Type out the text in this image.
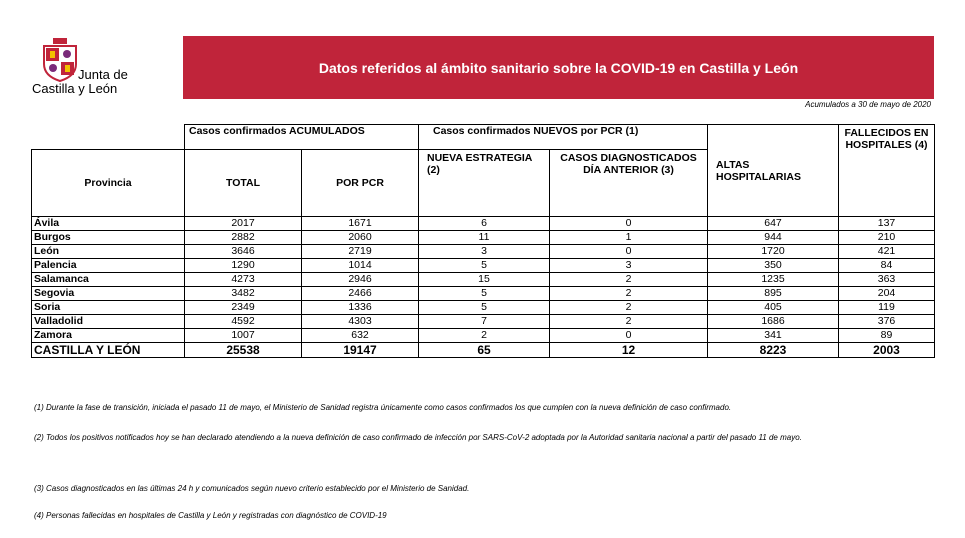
Junta de
Castilla y León
Datos referidos al ámbito sanitario sobre la COVID-19 en Castilla y León
Acumulados a 30 de mayo de 2020
	Casos confirmados ACUMULADOS		Casos confirmados NUEVOS por PCR (1)		ALTAS HOSPITALARIAS	FALLECIDOS EN HOSPITALES (4)
Provincia	TOTAL	POR PCR	NUEVA ESTRATEGIA (2)	CASOS DIAGNOSTICADOS DÍA ANTERIOR (3)		
Ávila	2017	1671	6	0	647	137
Burgos	2882	2060	11	1	944	210
León	3646	2719	3	0	1720	421
Palencia	1290	1014	5	3	350	84
Salamanca	4273	2946	15	2	1235	363
Segovia	3482	2466	5	2	895	204
Soria	2349	1336	5	2	405	119
Valladolid	4592	4303	7	2	1686	376
Zamora	1007	632	2	0	341	89
CASTILLA Y LEÓN	25538	19147	65	12	8223	2003
(1) Durante la fase de transición, iniciada el pasado 11 de mayo, el Ministerio de Sanidad registra únicamente como casos confirmados los que cumplen con la nueva definición de caso confirmado.
(2) Todos los positivos notificados hoy se han declarado atendiendo a la nueva definición de caso confirmado de infección por SARS-CoV-2 adoptada por la Autoridad sanitaria nacional a partir del pasado 11 de mayo.
(3) Casos diagnosticados en las últimas 24 h y comunicados según nuevo criterio establecido por el Ministerio de Sanidad.
(4) Personas fallecidas en hospitales de Castilla y León y registradas con diagnóstico de COVID-19
